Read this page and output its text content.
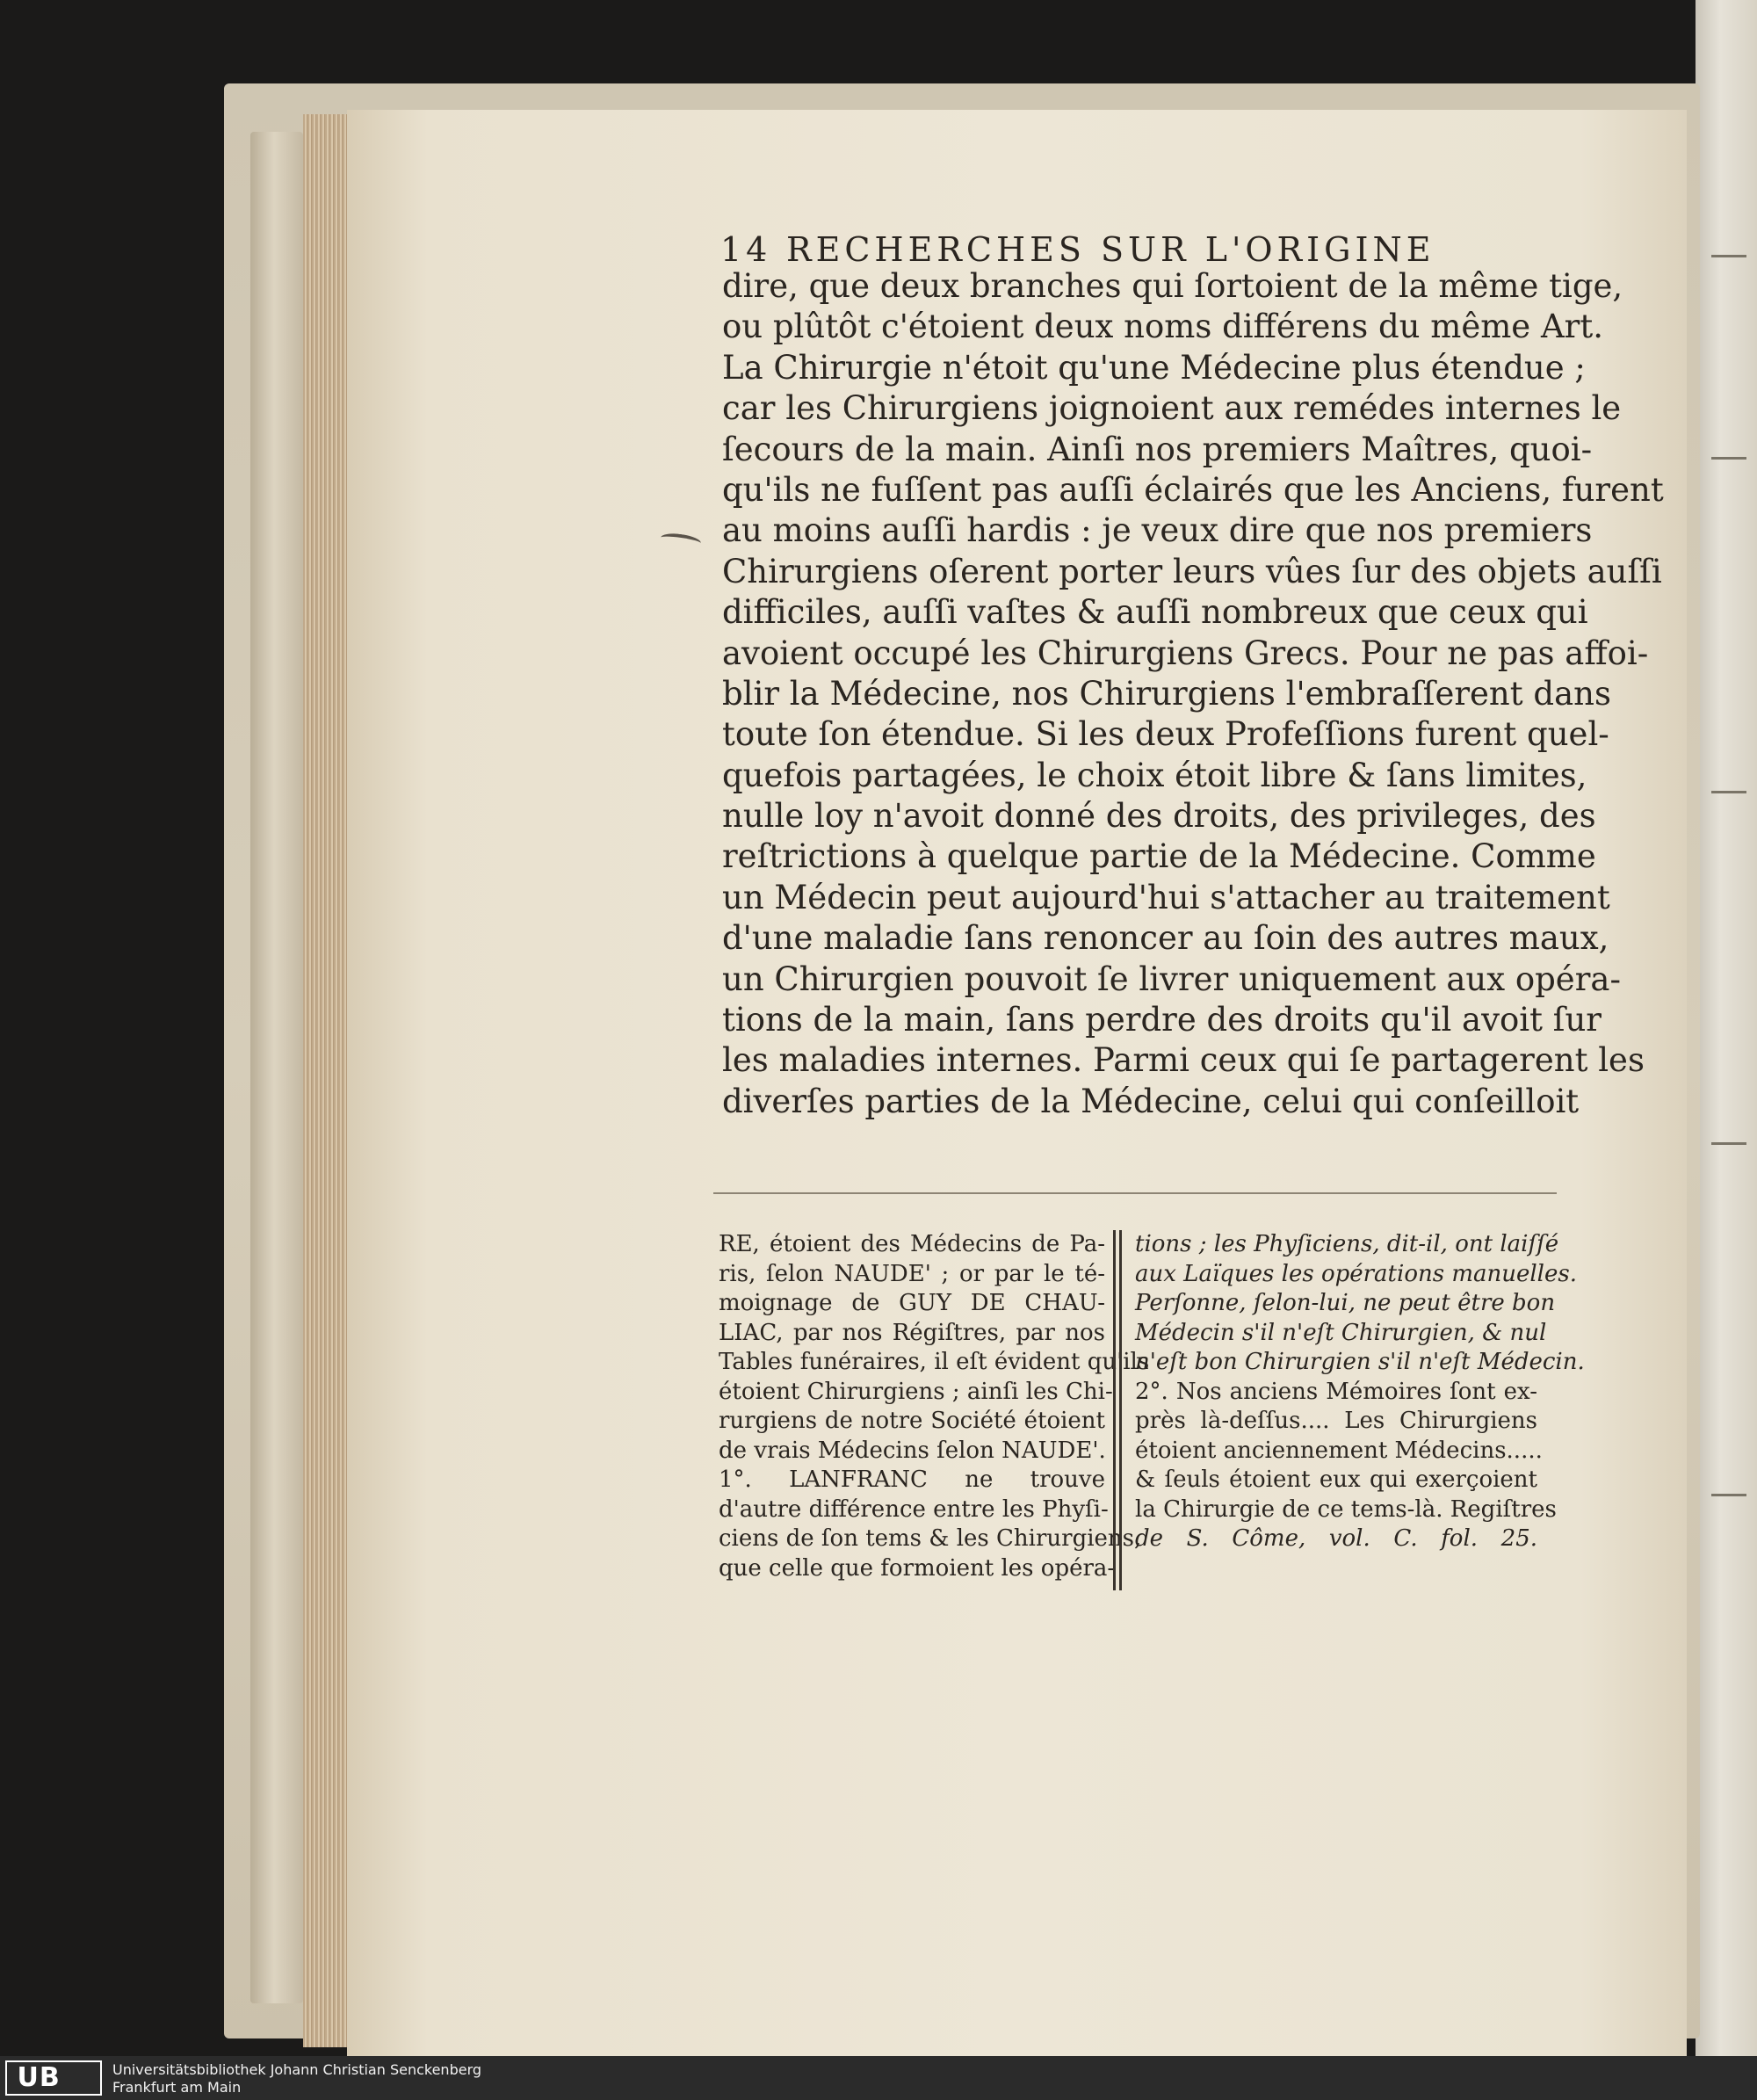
14 RECHERCHES SUR L'ORIGINE
dire, que deux branches qui ſortoient de la même tige,
ou plûtôt c'étoient deux noms différens du même Art.
La Chirurgie n'étoit qu'une Médecine plus étendue ;
car les Chirurgiens joignoient aux remédes internes le
ſecours de la main. Ainſi nos premiers Maîtres, quoi-
qu'ils ne fuſſent pas auſſi éclairés que les Anciens, furent
au moins auſſi hardis : je veux dire que nos premiers
Chirurgiens oſerent porter leurs vûes ſur des objets auſſi
difficiles, auſſi vaſtes & auſſi nombreux que ceux qui
avoient occupé les Chirurgiens Grecs. Pour ne pas affoi-
blir la Médecine, nos Chirurgiens l'embraſſerent dans
toute ſon étendue. Si les deux Profeſſions furent quel-
quefois partagées, le choix étoit libre & ſans limites,
nulle loy n'avoit donné des droits, des privileges, des
reſtrictions à quelque partie de la Médecine. Comme
un Médecin peut aujourd'hui s'attacher au traitement
d'une maladie ſans renoncer au ſoin des autres maux,
un Chirurgien pouvoit ſe livrer uniquement aux opéra-
tions de la main, ſans perdre des droits qu'il avoit ſur
les maladies internes. Parmi ceux qui ſe partagerent les
diverſes parties de la Médecine, celui qui conſeilloit
RE, étoient des Médecins de Pa-
ris, ſelon NAUDE' ; or par le té-
moignage de GUY DE CHAU-
LIAC, par nos Régiſtres, par nos
Tables funéraires, il eſt évident qu'ils
étoient Chirurgiens ; ainſi les Chi-
rurgiens de notre Société étoient
de vrais Médecins ſelon NAUDE'.
1°. LANFRANC ne trouve
d'autre différence entre les Phyſi-
ciens de ſon tems & les Chirurgiens,
que celle que formoient les opéra-
tions ; les Phyſiciens, dit-il, ont laiſſé
aux Laïques les opérations manuelles.
Perſonne, ſelon-lui, ne peut être bon
Médecin s'il n'eſt Chirurgien, & nul
n'eſt bon Chirurgien s'il n'eſt Médecin.
2°. Nos anciens Mémoires ſont ex-
près là-deſſus.... Les Chirurgiens
étoient anciennement Médecins.....
& ſeuls étoient eux qui exerçoient
la Chirurgie de ce tems-là. Regiſtres
de S. Côme, vol. C. fol. 25.
UB	Universitätsbibliothek Johann Christian Senckenberg
Frankfurt am Main
